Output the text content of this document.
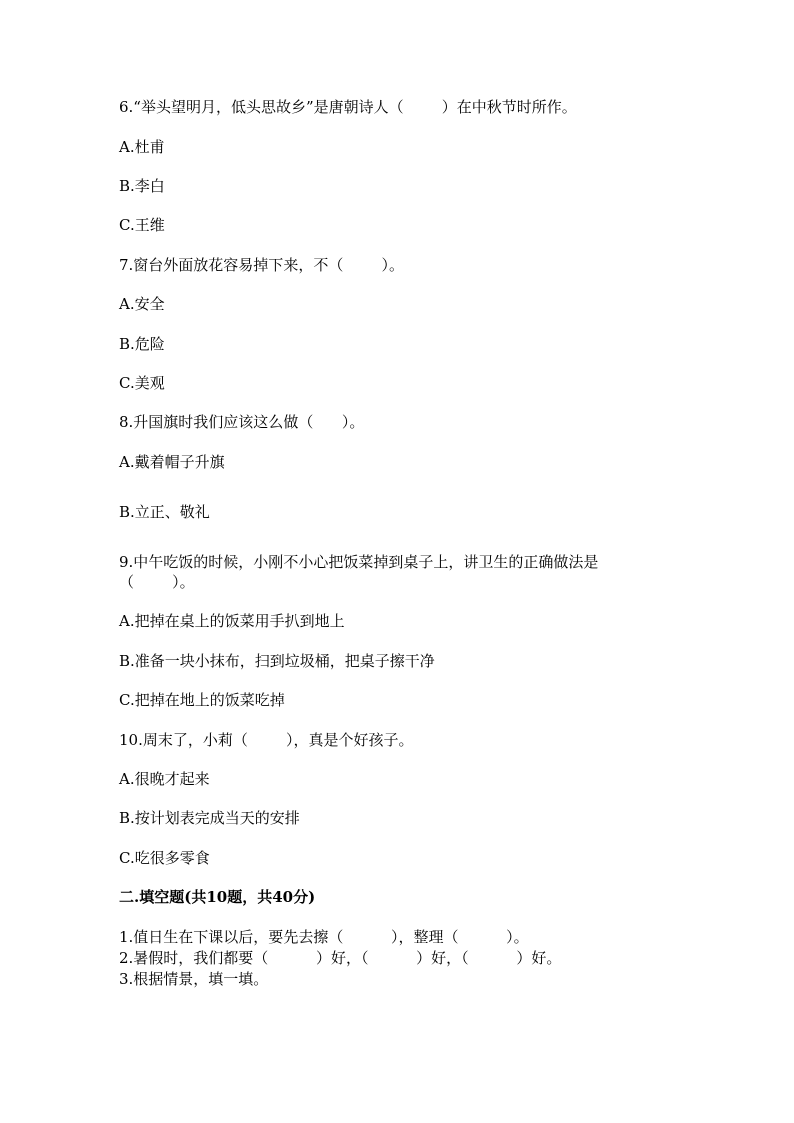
6.“举头望明月，低头思故乡”是唐朝诗人（        ）在中秋节时所作。
A.杜甫
B.李白
C.王维
7.窗台外面放花容易掉下来，不（        ）。
A.安全
B.危险
C.美观
8.升国旗时我们应该这么做（      ）。
A.戴着帽子升旗
B.立正、敬礼
9.中午吃饭的时候，小刚不小心把饭菜掉到桌子上，讲卫生的正确做法是
（        ）。
A.把掉在桌上的饭菜用手扒到地上
B.准备一块小抹布，扫到垃圾桶，把桌子擦干净
C.把掉在地上的饭菜吃掉
10.周末了，小莉（        ），真是个好孩子。
A.很晚才起来
B.按计划表完成当天的安排
C.吃很多零食
二.填空题(共10题，共40分)
1.值日生在下课以后，要先去擦（          ），整理（          ）。
2.暑假时，我们都要（          ）好，（          ）好，（          ）好。
3.根据情景，填一填。
